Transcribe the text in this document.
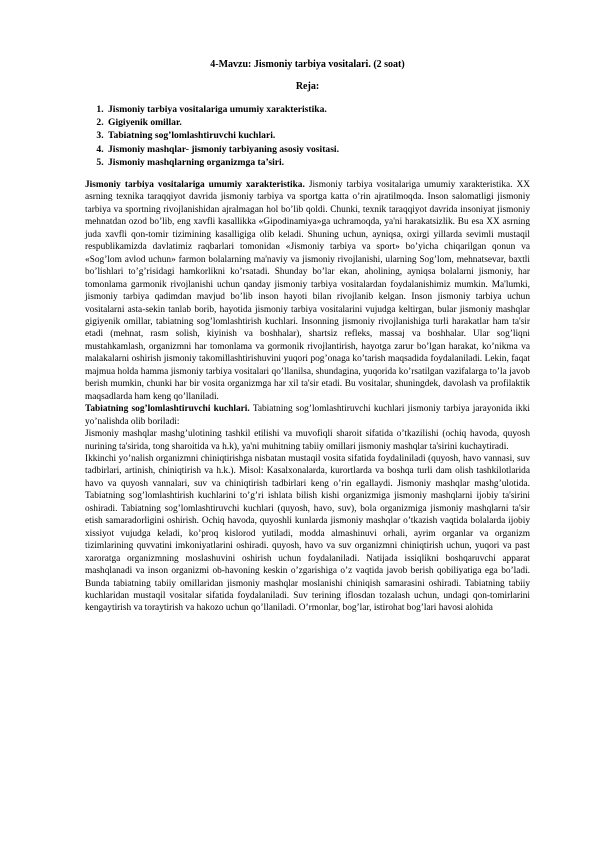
4-Mavzu: Jismoniy tarbiya vositalari. (2 soat)
Reja:
1. Jismoniy tarbiya vositalariga umumiy xarakteristika.
2. Gigiyenik omillar.
3. Tabiatning sog’lomlashtiruvchi kuchlari.
4. Jismoniy mashqlar- jismoniy tarbiyaning asosiy vositasi.
5. Jismoniy mashqlarning organizmga ta’siri.

Jismoniy tarbiya vositalariga umumiy xarakteristika. Jismoniy tarbiya vositalariga umumiy xarakteristika. XX asrning texnika taraqqiyot davrida jismoniy tarbiya va sportga katta o’rin ajratilmoqda. Inson salomatligi jismoniy tarbiya va sportning rivojlanishidan ajralmagan hol bo’lib qoldi. Chunki, texnik taraqqiyot davrida insoniyat jismoniy mehnatdan ozod bo’lib, eng xavfli kasallikka «Gipodinamiya»ga uchramoqda, ya'ni harakatsizlik. Bu esa XX asrning juda xavfli qon-tomir tizimining kasalligiga olib keladi. Shuning uchun, ayniqsa, oxirgi yillarda sevimli mustaqil respublikamizda davlatimiz raqbarlari tomonidan «Jismoniy tarbiya va sport» bo’yicha chiqarilgan qonun va «Sog’lom avlod uchun» farmon bolalarning ma'naviy va jismoniy rivojlanishi, ularning Sog’lom, mehnatsevar, baxtli bo’lishlari to’g’risidagi hamkorlikni ko’rsatadi. Shunday bo’lar ekan, aholining, ayniqsa bolalarni jismoniy, har tomonlama garmonik rivojlanishi uchun qanday jismoniy tarbiya vositalardan foydalanishimiz mumkin. Ma'lumki, jismoniy tarbiya qadimdan mavjud bo’lib inson hayoti bilan rivojlanib kelgan. Inson jismoniy tarbiya uchun vositalarni asta-sekin tanlab borib, hayotida jismoniy tarbiya vositalarini vujudga keltirgan, bular jismoniy mashqlar gigiyenik omillar, tabiatning sog’lomlashtirish kuchlari. Insonning jismoniy rivojlanishiga turli harakatlar ham ta'sir etadi (mehnat, rasm solish, kiyinish va boshhalar), shartsiz refleks, massaj va boshhalar. Ular sog’liqni mustahkamlash, organizmni har tomonlama va gormonik rivojlantirish, hayotga zarur bo’lgan harakat, ko’nikma va malakalarni oshirish jismoniy takomillashtirishuvini yuqori pog’onaga ko’tarish maqsadida foydalaniladi. Lekin, faqat majmua holda hamma jismoniy tarbiya vositalari qo’llanilsa, shundagina, yuqorida ko’rsatilgan vazifalarga to’la javob berish mumkin, chunki har bir vosita organizmga har xil ta'sir etadi. Bu vositalar, shuningdek, davolash va profilaktik maqsadlarda ham keng qo’llaniladi.

Tabiatning sog’lomlashtiruvchi kuchlari. Tabiatning sog’lomlashtiruvchi kuchlari jismoniy tarbiya jarayonida ikki yo’nalishda olib boriladi:

Jismoniy mashqlar mashg’ulotining tashkil etilishi va muvofiqli sharoit sifatida o’tkazilishi (ochiq havoda, quyosh nurining ta'sirida, tong sharoitida va h.k), ya'ni muhitning tabiiy omillari jismoniy mashqlar ta'sirini kuchaytiradi.

Ikkinchi yo’nalish organizmni chiniqtirishga nisbatan mustaqil vosita sifatida foydaliniladi (quyosh, havo vannasi, suv tadbirlari, artinish, chiniqtirish va h.k.). Misol: Kasalxonalarda, kurortlarda va boshqa turli dam olish tashkilotlarida havo va quyosh vannalari, suv va chiniqtirish tadbirlari keng o’rin egallaydi. Jismoniy mashqlar mashg’ulotida. Tabiatning sog’lomlashtirish kuchlarini to’g’ri ishlata bilish kishi organizmiga jismoniy mashqlarni ijobiy ta'sirini oshiradi. Tabiatning sog’lomlashtiruvchi kuchlari (quyosh, havo, suv), bola organizmiga jismoniy mashqlarni ta'sir etish samaradorligini oshirish. Ochiq havoda, quyoshli kunlarda jismoniy mashqlar o’tkazish vaqtida bolalarda ijobiy xissiyot vujudga keladi, ko’proq kislorod yutiladi, modda almashinuvi orhali, ayrim organlar va organizm tizimlarining quvvatini imkoniyatlarini oshiradi. quyosh, havo va suv organizmni chiniqtirish uchun, yuqori va past xaroratga organizmning moslashuvini oshirish uchun foydalaniladi. Natijada issiqlikni boshqaruvchi apparat mashqlanadi va inson organizmi ob-havoning keskin o’zgarishiga o’z vaqtida javob berish qobiliyatiga ega bo’ladi. Bunda tabiatning tabiiy omillaridan jismoniy mashqlar moslanishi chiniqish samarasini oshiradi. Tabiatning tabiiy kuchlaridan mustaqil vositalar sifatida foydalaniladi. Suv terining iflosdan tozalash uchun, undagi qon-tomirlarini kengaytirish va toraytirish va hakozo uchun qo’llaniladi. O’rmonlar, bog’lar, istirohat bog’lari havosi alohida
